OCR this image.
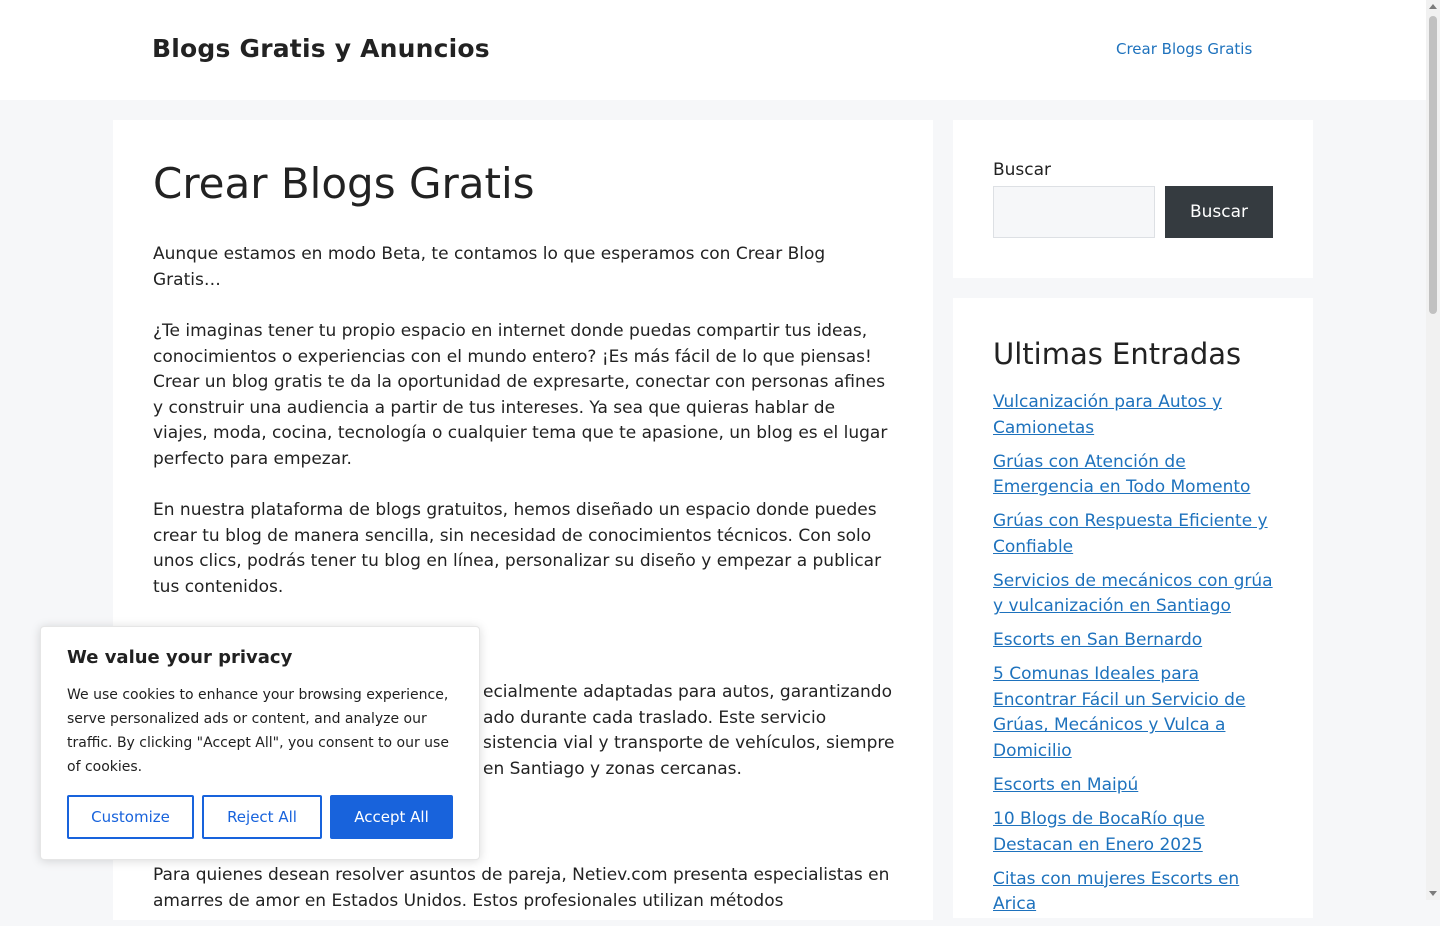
Blogs Gratis y Anuncios	Crear Blogs Gratis
Crear Blogs Gratis

Aunque estamos en modo Beta, te contamos lo que esperamos con Crear Blog Gratis…

¿Te imaginas tener tu propio espacio en internet donde puedas compartir tus ideas, conocimientos o experiencias con el mundo entero? ¡Es más fácil de lo que piensas! Crear un blog gratis te da la oportunidad de expresarte, conectar con personas afines y construir una audiencia a partir de tus intereses. Ya sea que quieras hablar de viajes, moda, cocina, tecnología o cualquier tema que te apasione, un blog es el lugar perfecto para empezar.

En nuestra plataforma de blogs gratuitos, hemos diseñado un espacio donde puedes crear tu blog de manera sencilla, sin necesidad de conocimientos técnicos. Con solo unos clics, podrás tener tu blog en línea, personalizar su diseño y empezar a publicar tus contenidos.

ecialmente adaptadas para autos, garantizando ado durante cada traslado. Este servicio sistencia vial y transporte de vehículos, siempre en Santiago y zonas cercanas.

Para quienes desean resolver asuntos de pareja, Netiev.com presenta especialistas en amarres de amor en Estados Unidos. Estos profesionales utilizan métodos

Buscar
Buscar
Ultimas Entradas
Vulcanización para Autos y Camionetas
Grúas con Atención de Emergencia en Todo Momento
Grúas con Respuesta Eficiente y Confiable
Servicios de mecánicos con grúa y vulcanización en Santiago
Escorts en San Bernardo
5 Comunas Ideales para Encontrar Fácil un Servicio de Grúas, Mecánicos y Vulca a Domicilio
Escorts en Maipú
10 Blogs de BocaRío que Destacan en Enero 2025
Citas con mujeres Escorts en Arica
We value your privacy

We use cookies to enhance your browsing experience, serve personalized ads or content, and analyze our traffic. By clicking "Accept All", you consent to our use of cookies.

Customize	Reject All	Accept All
